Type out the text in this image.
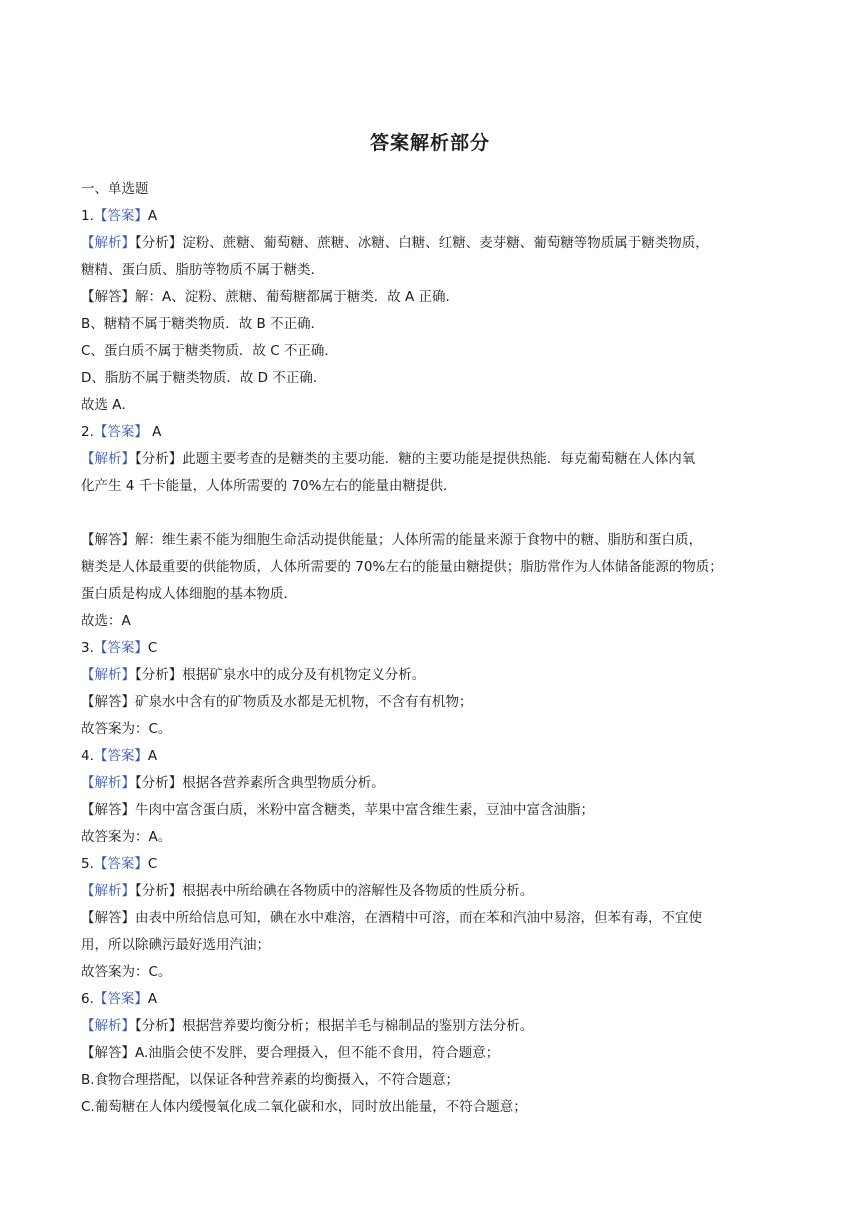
答案解析部分
一、单选题
1.【答案】A
【解析】【分析】淀粉、蔗糖、葡萄糖、蔗糖、冰糖、白糖、红糖、麦芽糖、葡萄糖等物质属于糖类物质，
糖精、蛋白质、脂肪等物质不属于糖类.
【解答】解：A、淀粉、蔗糖、葡萄糖都属于糖类．故 A 正确．
B、糖精不属于糖类物质．故 B 不正确．
C、蛋白质不属于糖类物质．故 C 不正确．
D、脂肪不属于糖类物质．故 D 不正确．
故选 A．
2.【答案】 A
【解析】【分析】此题主要考查的是糖类的主要功能．糖的主要功能是提供热能．每克葡萄糖在人体内氧
化产生 4 千卡能量，人体所需要的 70%左右的能量由糖提供．
【解答】解：维生素不能为细胞生命活动提供能量；人体所需的能量来源于食物中的糖、脂肪和蛋白质，
糖类是人体最重要的供能物质，人体所需要的 70%左右的能量由糖提供；脂肪常作为人体储备能源的物质；
蛋白质是构成人体细胞的基本物质．
故选：A
3.【答案】C
【解析】【分析】根据矿泉水中的成分及有机物定义分析。
【解答】矿泉水中含有的矿物质及水都是无机物，不含有有机物；
故答案为：C。
4.【答案】A
【解析】【分析】根据各营养素所含典型物质分析。
【解答】牛肉中富含蛋白质，米粉中富含糖类，苹果中富含维生素，豆油中富含油脂；
故答案为：A。
5.【答案】C
【解析】【分析】根据表中所给碘在各物质中的溶解性及各物质的性质分析。
【解答】由表中所给信息可知，碘在水中难溶，在酒精中可溶，而在苯和汽油中易溶，但苯有毒，不宜使
用，所以除碘污最好选用汽油；
故答案为：C。
6.【答案】A
【解析】【分析】根据营养要均衡分析；根据羊毛与棉制品的鉴别方法分析。
【解答】A.油脂会使不发胖，要合理摄入，但不能不食用，符合题意；
B.食物合理搭配，以保证各种营养素的均衡摄入，不符合题意；
C.葡萄糖在人体内缓慢氧化成二氧化碳和水，同时放出能量，不符合题意；
